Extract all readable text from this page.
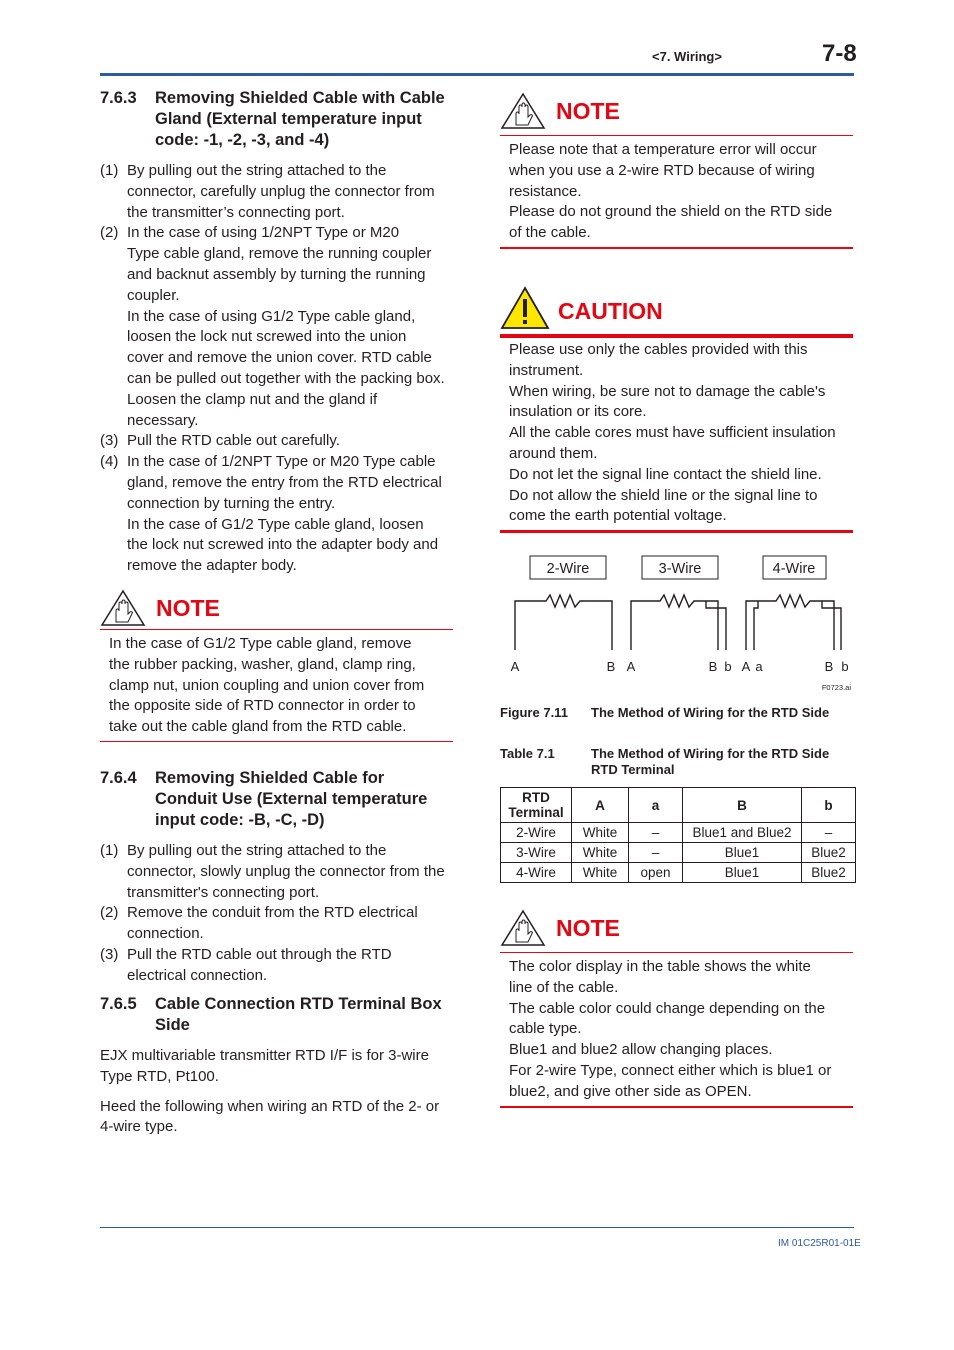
<7. Wiring>	7-8
7.6.3	Removing Shielded Cable with Cable
Gland (External temperature input
code: -1, -2, -3, and -4)
(1) By pulling out the string attached to the
connector, carefully unplug the connector from
the transmitter’s connecting port.
(2) In the case of using 1/2NPT Type or M20
Type cable gland, remove the running coupler
and backnut assembly by turning the running
coupler.
In the case of using G1/2 Type cable gland,
loosen the lock nut screwed into the union
cover and remove the union cover. RTD cable
can be pulled out together with the packing box.
Loosen the clamp nut and the gland if
necessary.
(3) Pull the RTD cable out carefully.
(4) In the case of 1/2NPT Type or M20 Type cable
gland, remove the entry from the RTD electrical
connection by turning the entry.
In the case of G1/2 Type cable gland, loosen
the lock nut screwed into the adapter body and
remove the adapter body.
NOTE
In the case of G1/2 Type cable gland, remove
the rubber packing, washer, gland, clamp ring,
clamp nut, union coupling and union cover from
the opposite side of RTD connector in order to
take out the cable gland from the RTD cable.
7.6.4	Removing Shielded Cable for
Conduit Use (External temperature
input code: -B, -C, -D)
(1) By pulling out the string attached to the
connector, slowly unplug the connector from the
transmitter's connecting port.
(2) Remove the conduit from the RTD electrical
connection.
(3) Pull the RTD cable out through the RTD
electrical connection.
7.6.5	Cable Connection RTD Terminal Box
Side

EJX multivariable transmitter RTD I/F is for 3-wire
Type RTD, Pt100.

Heed the following when wiring an RTD of the 2- or
4-wire type.

NOTE
Please note that a temperature error will occur
when you use a 2-wire RTD because of wiring
resistance.
Please do not ground the shield on the RTD side
of the cable.
CAUTION
Please use only the cables provided with this
instrument.
When wiring, be sure not to damage the cable's
insulation or its core.
All the cable cores must have sufficient insulation
around them.
Do not let the signal line contact the shield line.
Do not allow the shield line or the signal line to
come the earth potential voltage.
2-Wire
A	B
3-Wire
A	B b
4-Wire
A a	B b
F0723.ai
Figure 7.11	The Method of Wiring for the RTD Side
Table 7.1	The Method of Wiring for the RTD Side
RTD Terminal
RTD
Terminal	A	a	B	b
2-Wire	White	–	Blue1 and Blue2	–
3-Wire	White	–	Blue1	Blue2
4-Wire	White	open	Blue1	Blue2
NOTE
The color display in the table shows the white
line of the cable.
The cable color could change depending on the
cable type.
Blue1 and blue2 allow changing places.
For 2-wire Type, connect either which is blue1 or
blue2, and give other side as OPEN.
IM 01C25R01-01E
